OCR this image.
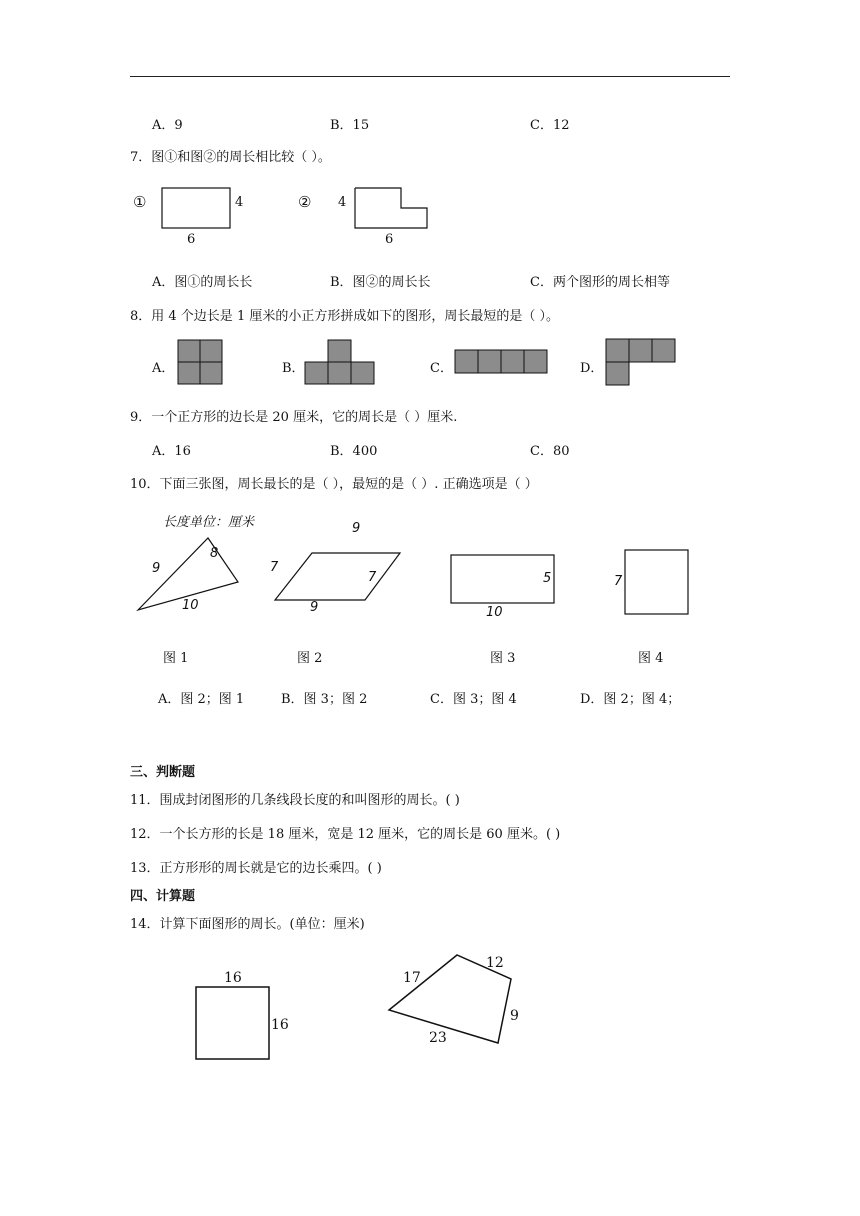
A．9	B．15	C．12
7．图①和图②的周长相比较（ ）。
①	4
6
② 4
6
A．图①的周长长	B．图②的周长长	C．两个图形的周长相等
8．用 4 个边长是 1 厘米的小正方形拼成如下的图形，周长最短的是（ ）。
A．	B．	C．	D．
9．一个正方形的边长是 20 厘米，它的周长是（ ）厘米.
A．16	B．400	C．80
10．下面三张图，周长最长的是（ ），最短的是（ ）. 正确选项是（ ）
长度单位：厘米
9
8
10
图 1
9
7
7
9
图 2
5
10
图 3
7
图 4
A．图 2；图 1	B．图 3；图 2	C．图 3；图 4	D．图 2；图 4；
三、判断题
11．围成封闭图形的几条线段长度的和叫图形的周长。( )
12．一个长方形的长是 18 厘米，宽是 12 厘米，它的周长是 60 厘米。( )
13．正方形形的周长就是它的边长乘四。( )
四、计算题
14．计算下面图形的周长。(单位：厘米)
16
16
17
12
9
23
